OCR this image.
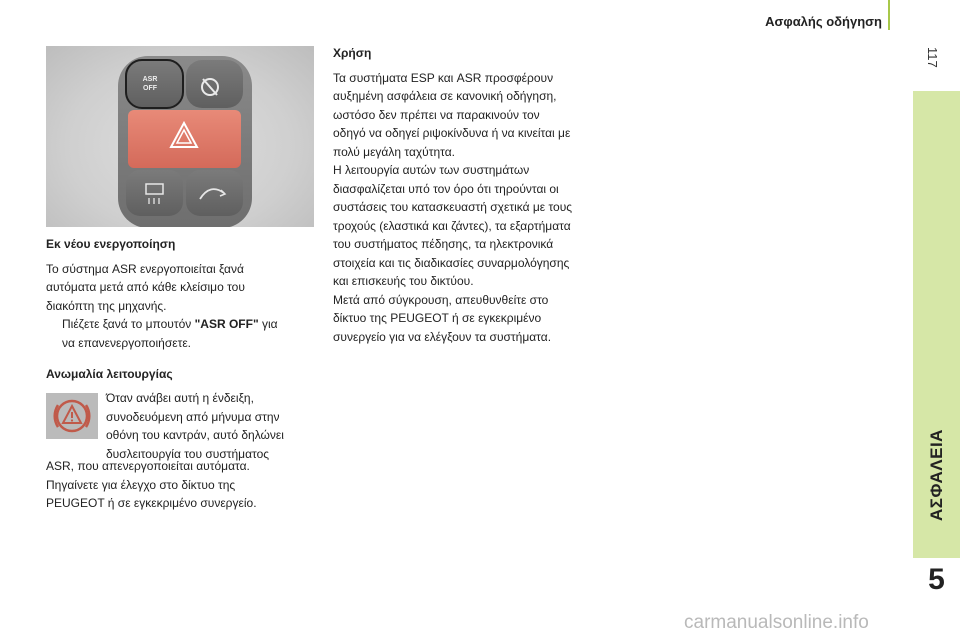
Ασφαλής οδήγηση
117
ΑΣΦΑΛΕΙΑ
5
ASR
OFF

Εκ νέου ενεργοποίηση

Το σύστημα ASR ενεργοποιείται ξανά

αυτόματα μετά από κάθε κλείσιμο του

διακόπτη της μηχανής.

Πιέζετε ξανά το μπουτόν "ASR OFF" για
να επανενεργοποιήσετε.

Ανωμαλία λειτουργίας

Όταν ανάβει αυτή η ένδειξη,

συνοδευόμενη από μήνυμα στην

οθόνη του καντράν, αυτό δηλώνει

δυσλειτουργία του συστήματος

ASR, που απενεργοποιείται αυτόματα.

Πηγαίνετε για έλεγχο στο δίκτυο της

PEUGEOT ή σε εγκεκριμένο συνεργείο.

Χρήση

Τα συστήματα ESP και ASR προσφέρουν

αυξημένη ασφάλεια σε κανονική οδήγηση,

ωστόσο δεν πρέπει να παρακινούν τον

οδηγό να οδηγεί ριψοκίνδυνα ή να κινείται με

πολύ μεγάλη ταχύτητα.

Η λειτουργία αυτών των συστημάτων

διασφαλίζεται υπό τον όρο ότι τηρούνται οι

συστάσεις του κατασκευαστή σχετικά με τους

τροχούς (ελαστικά και ζάντες), τα εξαρτήματα

του συστήματος πέδησης, τα ηλεκτρονικά

στοιχεία και τις διαδικασίες συναρμολόγησης

και επισκευής του δικτύου.

Μετά από σύγκρουση, απευθυνθείτε στο

δίκτυο της PEUGEOT ή σε εγκεκριμένο

συνεργείο για να ελέγξουν τα συστήματα.

carmanualsonline.info
